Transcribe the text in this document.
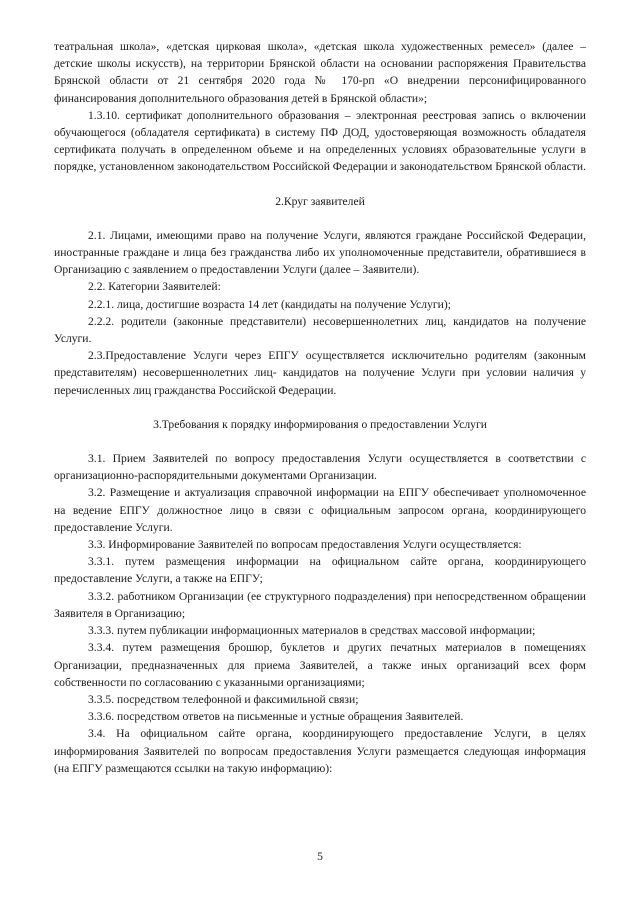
театральная школа», «детская цирковая школа», «детская школа художественных ремесел» (далее – детские школы искусств), на территории Брянской области на основании распоряжения Правительства Брянской области от 21 сентября 2020 года № 170-рп «О внедрении персонифицированного финансирования дополнительного образования детей в Брянской области»;

1.3.10. сертификат дополнительного образования – электронная реестровая запись о включении обучающегося (обладателя сертификата) в систему ПФ ДОД, удостоверяющая возможность обладателя сертификата получать в определенном объеме и на определенных условиях образовательные услуги в порядке, установленном законодательством Российской Федерации и законодательством Брянской области.

2.Круг заявителей

2.1. Лицами, имеющими право на получение Услуги, являются граждане Российской Федерации, иностранные граждане и лица без гражданства либо их уполномоченные представители, обратившиеся в Организацию с заявлением о предоставлении Услуги (далее – Заявители).

2.2. Категории Заявителей:

2.2.1. лица, достигшие возраста 14 лет (кандидаты на получение Услуги);

2.2.2. родители (законные представители) несовершеннолетних лиц, кандидатов на получение Услуги.

2.3.Предоставление Услуги через ЕПГУ осуществляется исключительно родителям (законным представителям) несовершеннолетних лиц- кандидатов на получение Услуги при условии наличия у перечисленных лиц гражданства Российской Федерации.

3.Требования к порядку информирования о предоставлении Услуги

3.1. Прием Заявителей по вопросу предоставления Услуги осуществляется в соответствии с организационно-распорядительными документами Организации.

3.2. Размещение и актуализация справочной информации на ЕПГУ обеспечивает уполномоченное на ведение ЕПГУ должностное лицо в связи с официальным запросом органа, координирующего предоставление Услуги.

3.3. Информирование Заявителей по вопросам предоставления Услуги осуществляется:

3.3.1. путем размещения информации на официальном сайте органа, координирующего предоставление Услуги, а также на ЕПГУ;

3.3.2. работником Организации (ее структурного подразделения) при непосредственном обращении Заявителя в Организацию;

3.3.3. путем публикации информационных материалов в средствах массовой информации;

3.3.4. путем размещения брошюр, буклетов и других печатных материалов в помещениях Организации, предназначенных для приема Заявителей, а также иных организаций всех форм собственности по согласованию с указанными организациями;

3.3.5. посредством телефонной и факсимильной связи;

3.3.6. посредством ответов на письменные и устные обращения Заявителей.

3.4. На официальном сайте органа, координирующего предоставление Услуги, в целях информирования Заявителей по вопросам предоставления Услуги размещается следующая информация (на ЕПГУ размещаются ссылки на такую информацию):

5
